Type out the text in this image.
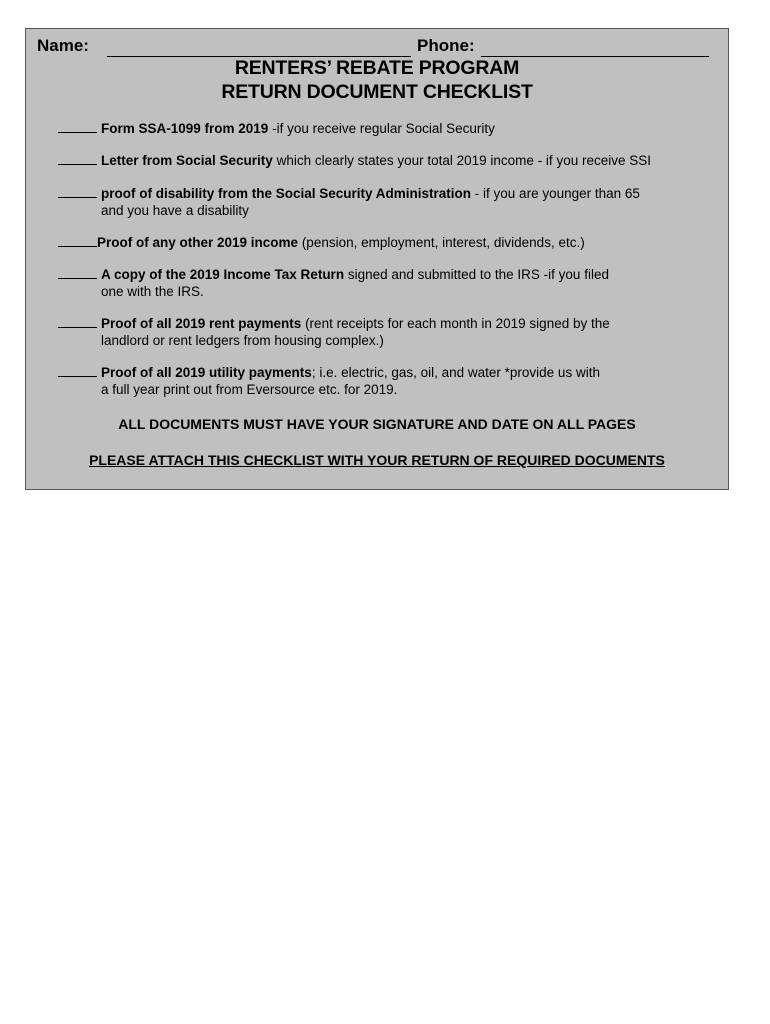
Name:	Phone:
RENTERS’ REBATE PROGRAM
RETURN DOCUMENT CHECKLIST
Form SSA-1099 from 2019 -if you receive regular Social Security
Letter from Social Security which clearly states your total 2019 income - if you receive SSI
proof of disability from the Social Security Administration - if you are younger than 65
and you have a disability
Proof of any other 2019 income (pension, employment, interest, dividends, etc.)
A copy of the 2019 Income Tax Return signed and submitted to the IRS -if you filed
one with the IRS.
Proof of all 2019 rent payments (rent receipts for each month in 2019 signed by the
landlord or rent ledgers from housing complex.)
Proof of all 2019 utility payments; i.e. electric, gas, oil, and water *provide us with
a full year print out from Eversource etc. for 2019.
ALL DOCUMENTS MUST HAVE YOUR SIGNATURE AND DATE ON ALL PAGES
PLEASE ATTACH THIS CHECKLIST WITH YOUR RETURN OF REQUIRED DOCUMENTS
